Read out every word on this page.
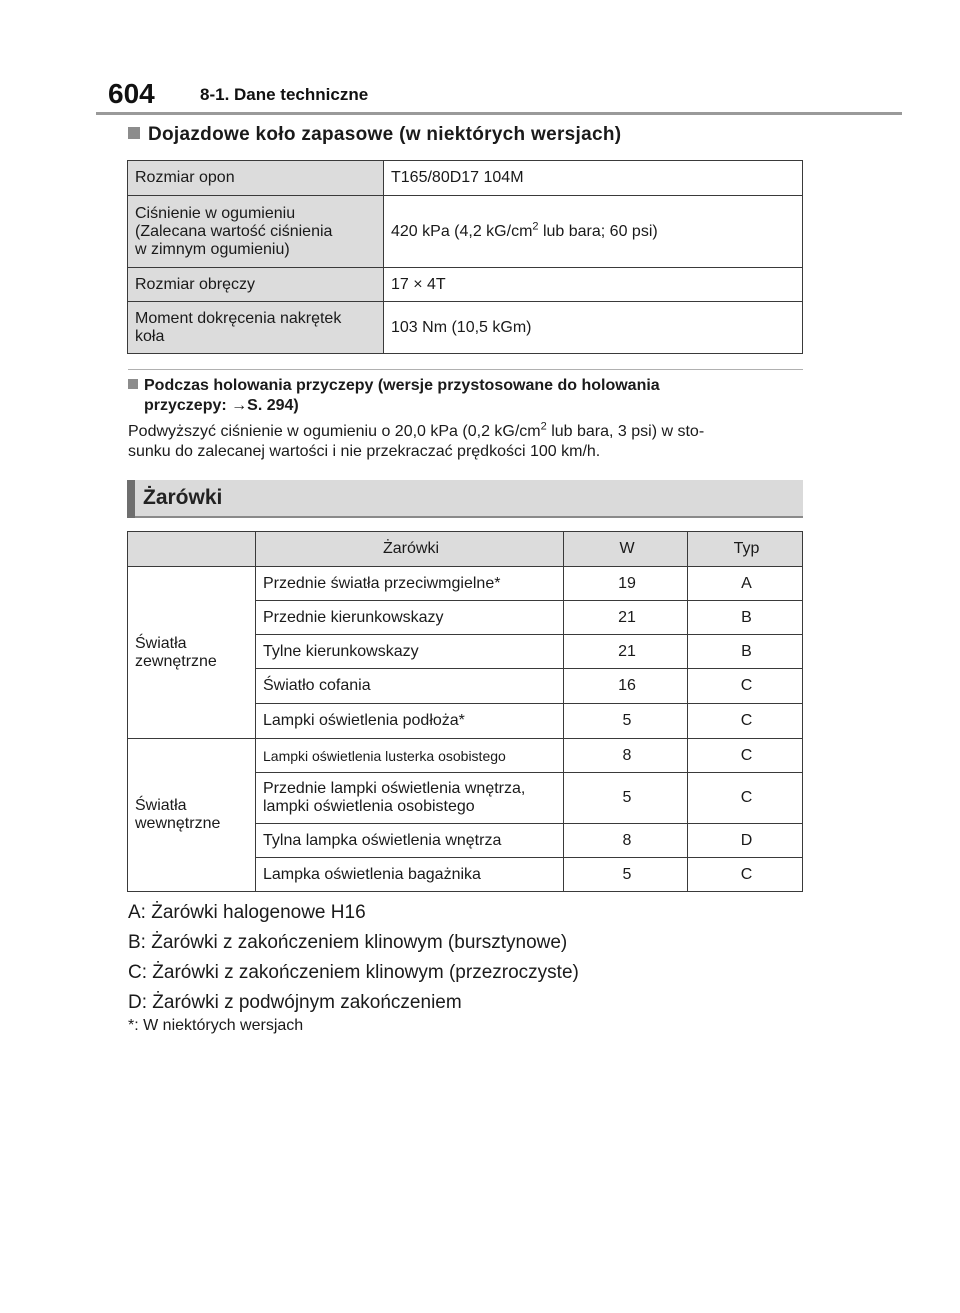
604	8-1. Dane techniczne
Dojazdowe koło zapasowe (w niektórych wersjach)
Rozmiar opon	T165/80D17 104M
Ciśnienie w ogumieniu
(Zalecana wartość ciśnienia
w zimnym ogumieniu)	420 kPa (4,2 $kG/cm^2$ lub bara; 60 psi)
Rozmiar obręczy	17 × 4T
Moment dokręcenia nakrętek
koła	103 Nm (10,5 kGm)
Podczas holowania przyczepy (wersje przystosowane do holowania
przyczepy: →S. 294)
Podwyższyć ciśnienie w ogumieniu o 20,0 kPa (0,2 $kG/cm^2$ lub bara, 3 psi) w sto-
sunku do zalecanej wartości i nie przekraczać prędkości 100 km/h.
Żarówki
	Żarówki	W	Typ
Światła
zewnętrzne	Przednie światła przeciwmgielne*	19	A
	Przednie kierunkowskazy	21	B
	Tylne kierunkowskazy	21	B
	Światło cofania	16	C
	Lampki oświetlenia podłoża*	5	C
Światła
wewnętrzne	Lampki oświetlenia lusterka osobistego	8	C
	Przednie lampki oświetlenia wnętrza,
lampki oświetlenia osobistego	5	C
	Tylna lampka oświetlenia wnętrza	8	D
	Lampka oświetlenia bagażnika	5	C
A: Żarówki halogenowe H16
B: Żarówki z zakończeniem klinowym (bursztynowe)
C: Żarówki z zakończeniem klinowym (przezroczyste)
D: Żarówki z podwójnym zakończeniem
*: W niektórych wersjach
